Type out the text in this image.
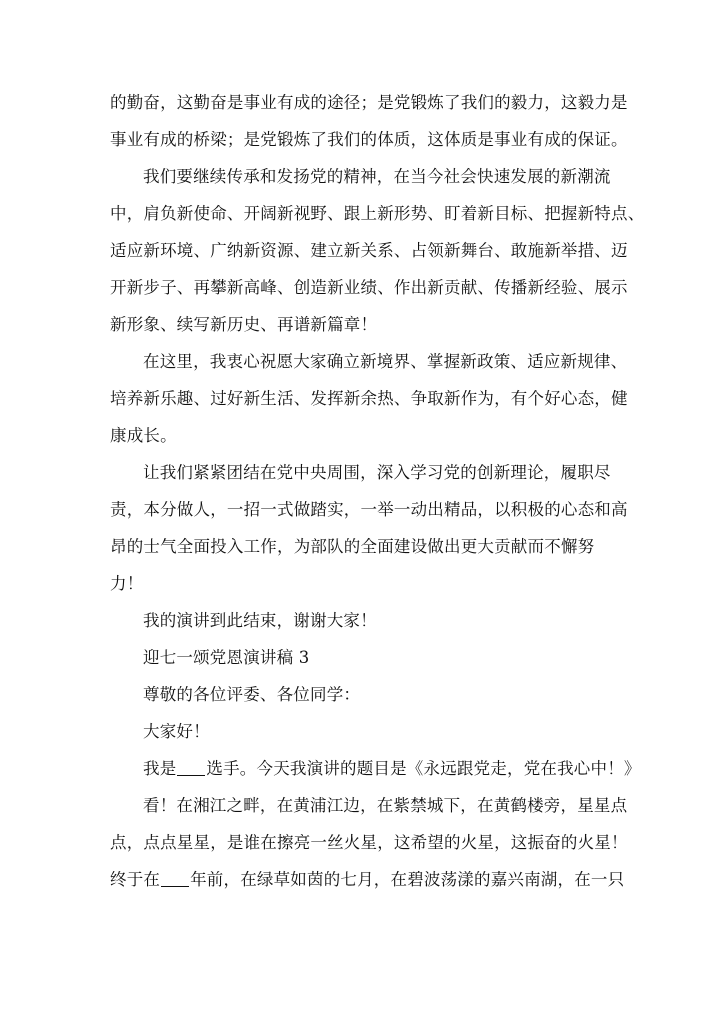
的勤奋，这勤奋是事业有成的途径；是党锻炼了我们的毅力，这毅力是
事业有成的桥梁；是党锻炼了我们的体质，这体质是事业有成的保证。
我们要继续传承和发扬党的精神，在当今社会快速发展的新潮流
中，肩负新使命、开阔新视野、跟上新形势、盯着新目标、把握新特点、
适应新环境、广纳新资源、建立新关系、占领新舞台、敢施新举措、迈
开新步子、再攀新高峰、创造新业绩、作出新贡献、传播新经验、展示
新形象、续写新历史、再谱新篇章！
在这里，我衷心祝愿大家确立新境界、掌握新政策、适应新规律、
培养新乐趣、过好新生活、发挥新余热、争取新作为，有个好心态，健
康成长。
让我们紧紧团结在党中央周围，深入学习党的创新理论，履职尽
责，本分做人，一招一式做踏实，一举一动出精品，以积极的心态和高
昂的士气全面投入工作，为部队的全面建设做出更大贡献而不懈努
力！
我的演讲到此结束，谢谢大家！
迎七一颂党恩演讲稿 3
尊敬的各位评委、各位同学：
大家好！
我是 选手。今天我演讲的题目是《永远跟党走，党在我心中！》
看！在湘江之畔，在黄浦江边，在紫禁城下，在黄鹤楼旁，星星点
点，点点星星，是谁在擦亮一丝火星，这希望的火星，这振奋的火星！
终于在 年前，在绿草如茵的七月，在碧波荡漾的嘉兴南湖，在一只
